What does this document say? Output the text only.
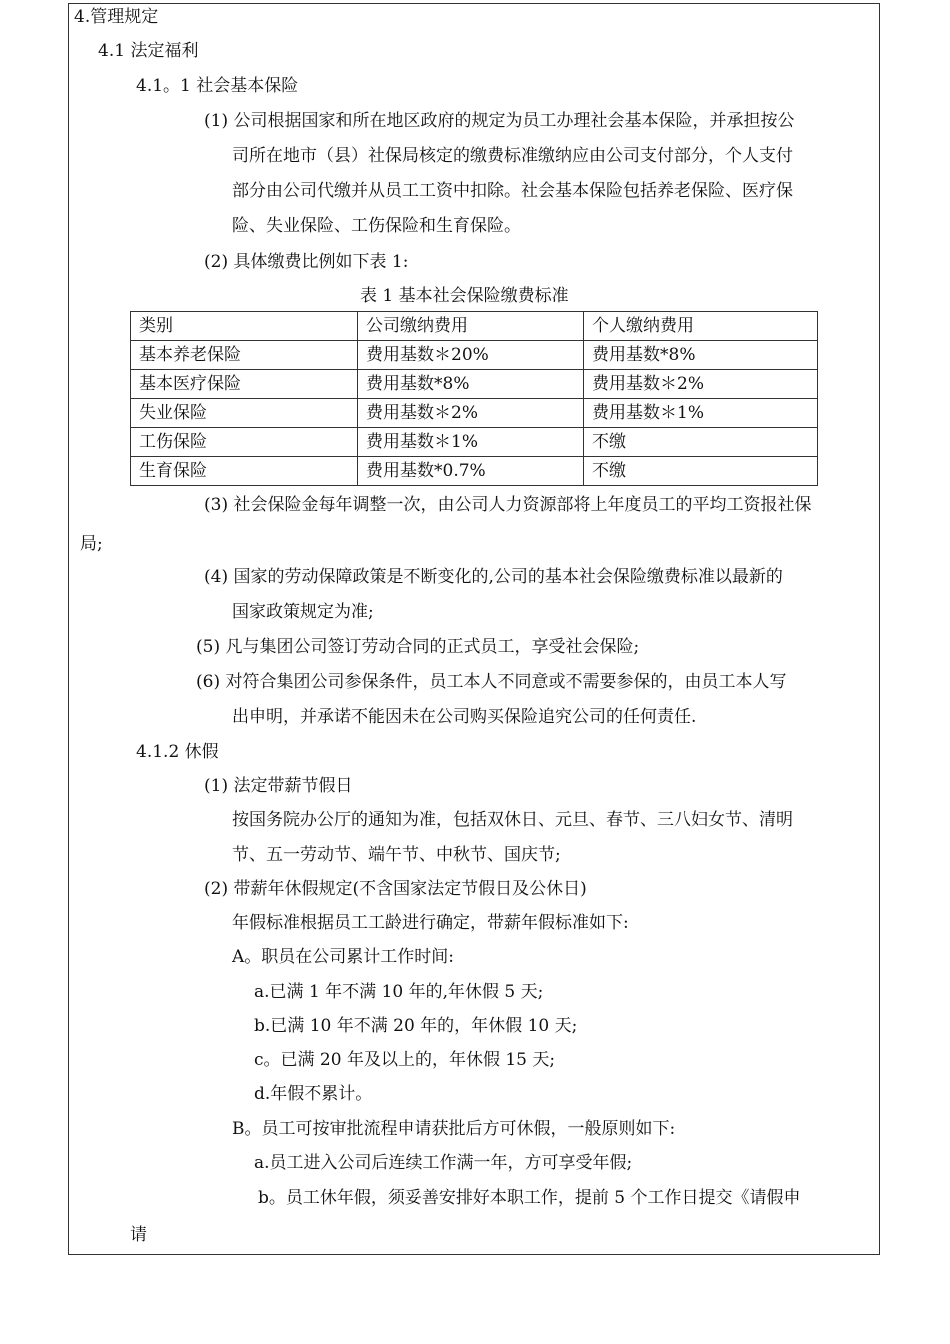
4.管理规定
4.1 法定福利
4.1。1 社会基本保险
(1) 公司根据国家和所在地区政府的规定为员工办理社会基本保险，并承担按公
司所在地市（县）社保局核定的缴费标准缴纳应由公司支付部分，个人支付
部分由公司代缴并从员工工资中扣除。社会基本保险包括养老保险、医疗保
险、失业保险、工伤保险和生育保险。
(2) 具体缴费比例如下表 1:
表 1 基本社会保险缴费标准
类别	公司缴纳费用	个人缴纳费用
基本养老保险	费用基数＊20%	费用基数*8%
基本医疗保险	费用基数*8%	费用基数＊2%
失业保险	费用基数＊2%	费用基数＊1%
工伤保险	费用基数＊1%	不缴
生育保险	费用基数*0.7%	不缴
(3) 社会保险金每年调整一次，由公司人力资源部将上年度员工的平均工资报社保
局;
(4) 国家的劳动保障政策是不断变化的,公司的基本社会保险缴费标准以最新的
国家政策规定为准;
(5) 凡与集团公司签订劳动合同的正式员工，享受社会保险;
(6) 对符合集团公司参保条件，员工本人不同意或不需要参保的，由员工本人写
出申明，并承诺不能因未在公司购买保险追究公司的任何责任.
4.1.2 休假
(1) 法定带薪节假日
按国务院办公厅的通知为准，包括双休日、元旦、春节、三八妇女节、清明
节、五一劳动节、端午节、中秋节、国庆节;
(2) 带薪年休假规定(不含国家法定节假日及公休日)
年假标准根据员工工龄进行确定，带薪年假标准如下:
A。职员在公司累计工作时间:
a.已满 1 年不满 10 年的,年休假 5 天;
b.已满 10 年不满 20 年的，年休假 10 天;
c。已满 20 年及以上的，年休假 15 天;
d.年假不累计。
B。员工可按审批流程申请获批后方可休假，一般原则如下:
a.员工进入公司后连续工作满一年，方可享受年假;
b。员工休年假，须妥善安排好本职工作，提前 5 个工作日提交《请假申
请
